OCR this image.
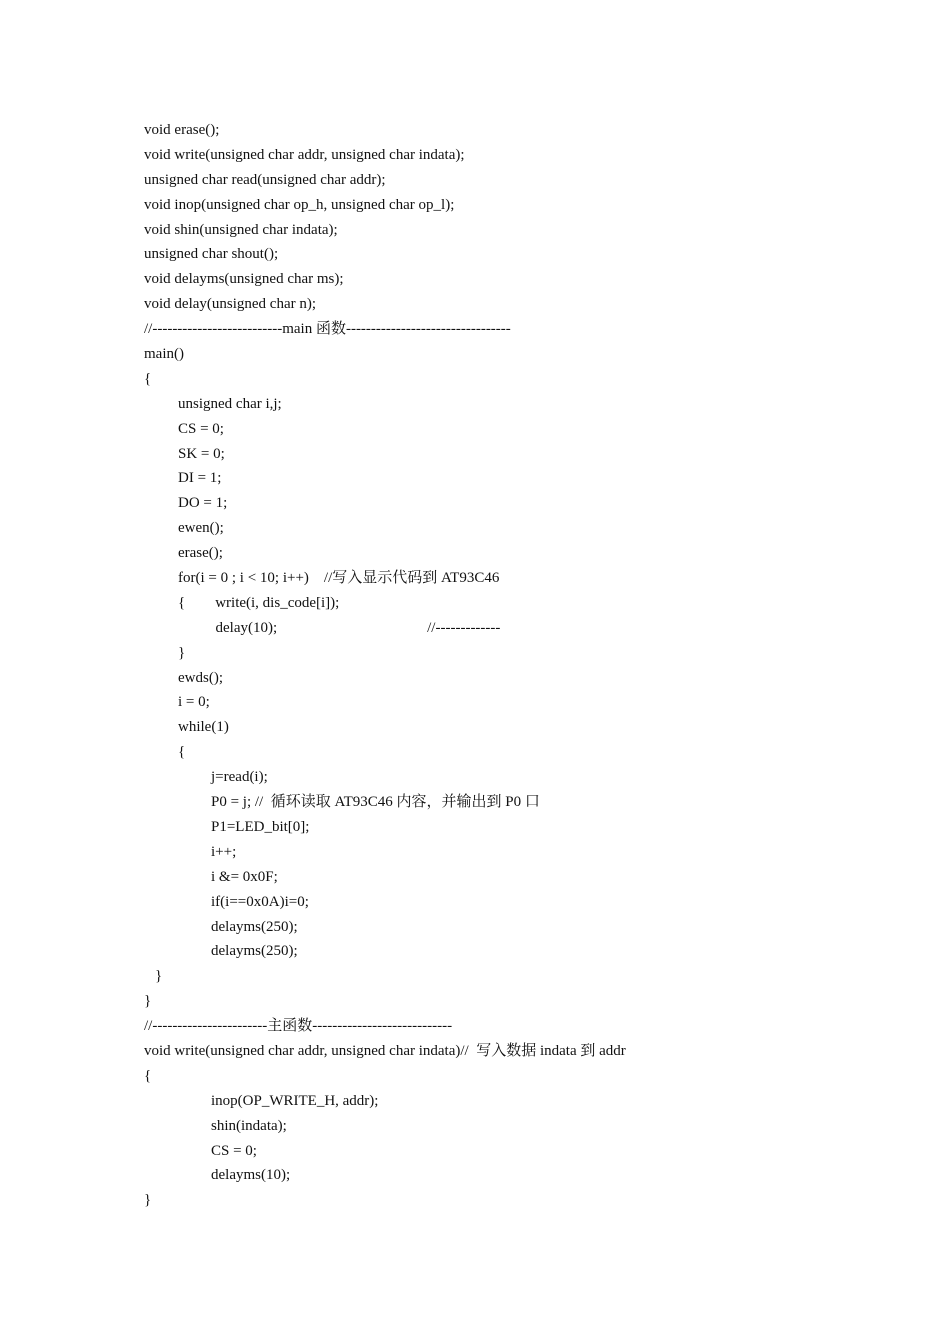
void erase();
void write(unsigned char addr, unsigned char indata);
unsigned char read(unsigned char addr);
void inop(unsigned char op_h, unsigned char op_l);
void shin(unsigned char indata);
unsigned char shout();
void delayms(unsigned char ms);
void delay(unsigned char n);
//--------------------------main 函数---------------------------------
main()
{
unsigned char i,j;
CS = 0;
SK = 0;
DI = 1;
DO = 1;
ewen();
erase();
for(i = 0 ; i < 10; i++)    //写入显示代码到 AT93C46
{        write(i, dis_code[i]);
delay(10);                                        //-------------
}
ewds();
i = 0;
while(1)
{
j=read(i);
P0 = j; //  循环读取 AT93C46 内容，并输出到 P0 口
P1=LED_bit[0];
i++;
i &= 0x0F;
if(i==0x0A)i=0;
delayms(250);
delayms(250);
}
}
//-----------------------主函数----------------------------
void write(unsigned char addr, unsigned char indata)//  写入数据 indata 到 addr
{
inop(OP_WRITE_H, addr);
shin(indata);
CS = 0;
delayms(10);
}
